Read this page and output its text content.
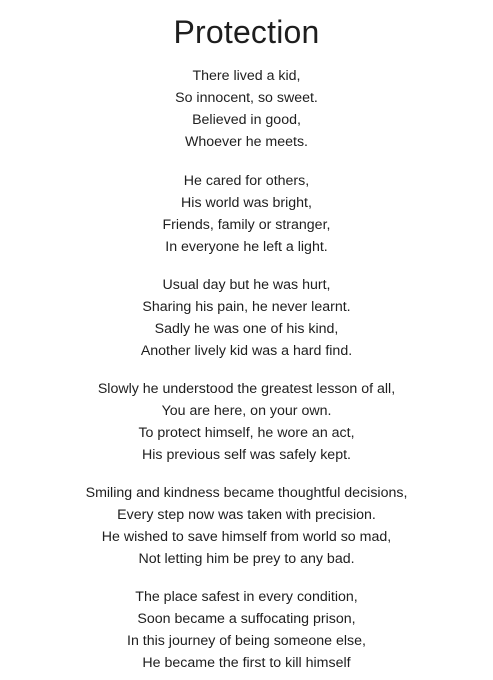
Protection
There lived a kid,
So innocent, so sweet.
Believed in good,
Whoever he meets.
He cared for others,
His world was bright,
Friends, family or stranger,
In everyone he left a light.
Usual day but he was hurt,
Sharing his pain, he never learnt.
Sadly he was one of his kind,
Another lively kid was a hard find.
Slowly he understood the greatest lesson of all,
You are here, on your own.
To protect himself, he wore an act,
His previous self was safely kept.
Smiling and kindness became thoughtful decisions,
Every step now was taken with precision.
He wished to save himself from world so mad,
Not letting him be prey to any bad.
The place safest in every condition,
Soon became a suffocating prison,
In this journey of being someone else,
He became the first to kill himself
